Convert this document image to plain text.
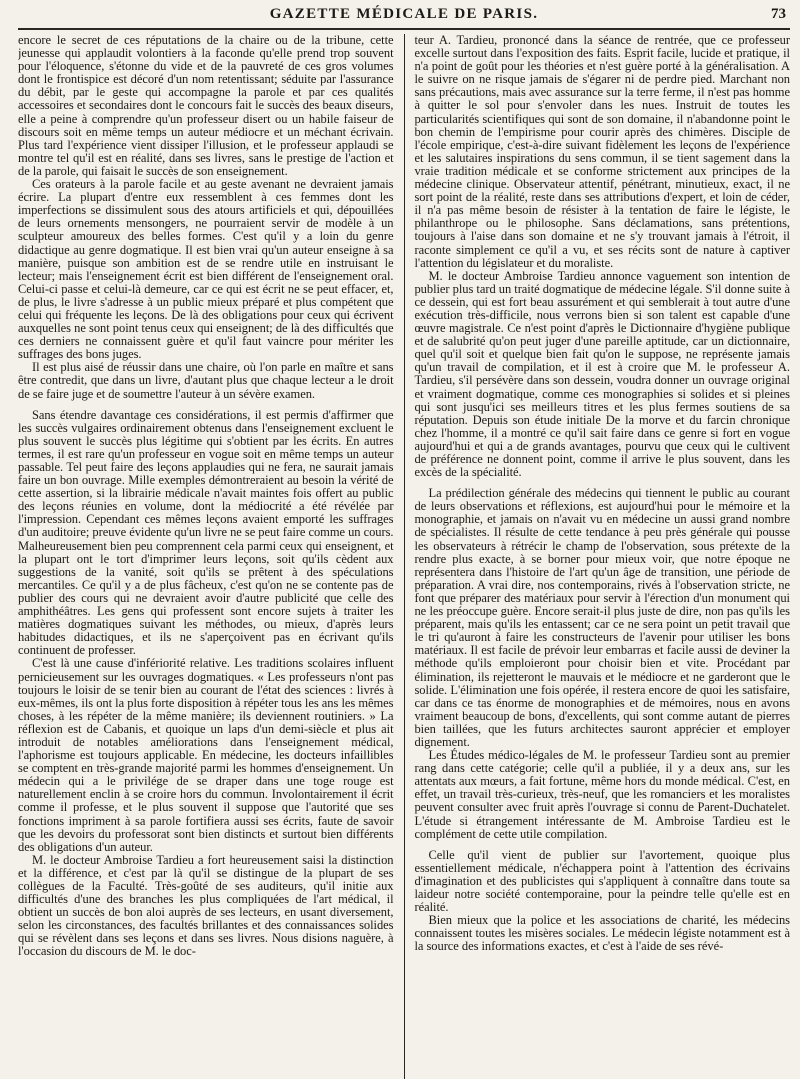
GAZETTE MÉDICALE DE PARIS.	73

encore le secret de ces réputations de la chaire ou de la tribune, cette jeunesse qui applaudit volontiers à la faconde qu'elle prend trop souvent pour l'éloquence, s'étonne du vide et de la pauvreté de ces gros volumes dont le frontispice est décoré d'un nom retentissant; séduite par l'assurance du débit, par le geste qui accompagne la parole et par ces qualités accessoires et secondaires dont le concours fait le succès des beaux diseurs, elle a peine à comprendre qu'un professeur disert ou un habile faiseur de discours soit en même temps un auteur médiocre et un méchant écrivain. Plus tard l'expérience vient dissiper l'illusion, et le professeur applaudi se montre tel qu'il est en réalité, dans ses livres, sans le prestige de l'action et de la parole, qui faisait le succès de son enseignement.

Ces orateurs à la parole facile et au geste avenant ne devraient jamais écrire. La plupart d'entre eux ressemblent à ces femmes dont les imperfections se dissimulent sous des atours artificiels et qui, dépouillées de leurs ornements mensongers, ne pourraient servir de modèle à un sculpteur amoureux des belles formes. C'est qu'il y a loin du genre didactique au genre dogmatique. Il est bien vrai qu'un auteur enseigne à sa manière, puisque son ambition est de se rendre utile en instruisant le lecteur; mais l'enseignement écrit est bien différent de l'enseignement oral. Celui-ci passe et celui-là demeure, car ce qui est écrit ne se peut effacer, et, de plus, le livre s'adresse à un public mieux préparé et plus compétent que celui qui fréquente les leçons. De là des obligations pour ceux qui écrivent auxquelles ne sont point tenus ceux qui enseignent; de là des difficultés que ces derniers ne connaissent guère et qu'il faut vaincre pour mériter les suffrages des bons juges.

Il est plus aisé de réussir dans une chaire, où l'on parle en maître et sans être contredit, que dans un livre, d'autant plus que chaque lecteur a le droit de se faire juge et de soumettre l'auteur à un sévère examen.

Sans étendre davantage ces considérations, il est permis d'affirmer que les succès vulgaires ordinairement obtenus dans l'enseignement excluent le plus souvent le succès plus légitime qui s'obtient par les écrits. En autres termes, il est rare qu'un professeur en vogue soit en même temps un auteur passable. Tel peut faire des leçons applaudies qui ne fera, ne saurait jamais faire un bon ouvrage. Mille exemples démontreraient au besoin la vérité de cette assertion, si la librairie médicale n'avait maintes fois offert au public des leçons réunies en volume, dont la médiocrité a été révélée par l'impression. Cependant ces mêmes leçons avaient emporté les suffrages d'un auditoire; preuve évidente qu'un livre ne se peut faire comme un cours. Malheureusement bien peu comprennent cela parmi ceux qui enseignent, et la plupart ont le tort d'imprimer leurs leçons, soit qu'ils cèdent aux suggestions de la vanité, soit qu'ils se prêtent à des spéculations mercantiles. Ce qu'il y a de plus fâcheux, c'est qu'on ne se contente pas de publier des cours qui ne devraient avoir d'autre publicité que celle des amphithéâtres. Les gens qui professent sont encore sujets à traiter les matières dogmatiques suivant les méthodes, ou mieux, d'après leurs habitudes didactiques, et ils ne s'aperçoivent pas en écrivant qu'ils continuent de professer.

C'est là une cause d'infériorité relative. Les traditions scolaires influent pernicieusement sur les ouvrages dogmatiques. « Les professeurs n'ont pas toujours le loisir de se tenir bien au courant de l'état des sciences : livrés à eux-mêmes, ils ont la plus forte disposition à répéter tous les ans les mêmes choses, à les répéter de la même manière; ils deviennent routiniers. » La réflexion est de Cabanis, et quoique un laps d'un demi-siècle et plus ait introduit de notables améliorations dans l'enseignement médical, l'aphorisme est toujours applicable. En médecine, les docteurs infaillibles se comptent en très-grande majorité parmi les hommes d'enseignement. Un médecin qui a le privilége de se draper dans une toge rouge est naturellement enclin à se croire hors du commun. Involontairement il écrit comme il professe, et le plus souvent il suppose que l'autorité que ses fonctions impriment à sa parole fortifiera aussi ses écrits, faute de savoir que les devoirs du professorat sont bien distincts et surtout bien différents des obligations d'un auteur.

M. le docteur Ambroise Tardieu a fort heureusement saisi la distinction et la différence, et c'est par là qu'il se distingue de la plupart de ses collègues de la Faculté. Très-goûté de ses auditeurs, qu'il initie aux difficultés d'une des branches les plus compliquées de l'art médical, il obtient un succès de bon aloi auprès de ses lecteurs, en usant diversement, selon les circonstances, des facultés brillantes et des connaissances solides qui se révèlent dans ses leçons et dans ses livres. Nous disions naguère, à l'occasion du discours de M. le doc-

teur A. Tardieu, prononcé dans la séance de rentrée, que ce professeur excelle surtout dans l'exposition des faits. Esprit facile, lucide et pratique, il n'a point de goût pour les théories et n'est guère porté à la généralisation. A le suivre on ne risque jamais de s'égarer ni de perdre pied. Marchant non sans précautions, mais avec assurance sur la terre ferme, il n'est pas homme à quitter le sol pour s'envoler dans les nues. Instruit de toutes les particularités scientifiques qui sont de son domaine, il n'abandonne point le bon chemin de l'empirisme pour courir après des chimères. Disciple de l'école empirique, c'est-à-dire suivant fidèlement les leçons de l'expérience et les salutaires inspirations du sens commun, il se tient sagement dans la vraie tradition médicale et se conforme strictement aux principes de la médecine clinique. Observateur attentif, pénétrant, minutieux, exact, il ne sort point de la réalité, reste dans ses attributions d'expert, et loin de céder, il n'a pas même besoin de résister à la tentation de faire le légiste, le philanthrope ou le philosophe. Sans déclamations, sans prétentions, toujours à l'aise dans son domaine et ne s'y trouvant jamais à l'étroit, il raconte simplement ce qu'il a vu, et ses récits sont de nature à captiver l'attention du législateur et du moraliste.

M. le docteur Ambroise Tardieu annonce vaguement son intention de publier plus tard un traité dogmatique de médecine légale. S'il donne suite à ce dessein, qui est fort beau assurément et qui semblerait à tout autre d'une exécution très-difficile, nous verrons bien si son talent est capable d'une œuvre magistrale. Ce n'est point d'après le Dictionnaire d'hygiène publique et de salubrité qu'on peut juger d'une pareille aptitude, car un dictionnaire, quel qu'il soit et quelque bien fait qu'on le suppose, ne représente jamais qu'un travail de compilation, et il est à croire que M. le professeur A. Tardieu, s'il persévère dans son dessein, voudra donner un ouvrage original et vraiment dogmatique, comme ces monographies si solides et si pleines qui sont jusqu'ici ses meilleurs titres et les plus fermes soutiens de sa réputation. Depuis son étude initiale De la morve et du farcin chronique chez l'homme, il a montré ce qu'il sait faire dans ce genre si fort en vogue aujourd'hui et qui a de grands avantages, pourvu que ceux qui le cultivent de préférence ne donnent point, comme il arrive le plus souvent, dans les excès de la spécialité.

La prédilection générale des médecins qui tiennent le public au courant de leurs observations et réflexions, est aujourd'hui pour le mémoire et la monographie, et jamais on n'avait vu en médecine un aussi grand nombre de spécialistes. Il résulte de cette tendance à peu près générale qui pousse les observateurs à rétrécir le champ de l'observation, sous prétexte de la rendre plus exacte, à se borner pour mieux voir, que notre époque ne représentera dans l'histoire de l'art qu'un âge de transition, une période de préparation. A vrai dire, nos contemporains, rivés à l'observation stricte, ne font que préparer des matériaux pour servir à l'érection d'un monument qui ne les préoccupe guère. Encore serait-il plus juste de dire, non pas qu'ils les préparent, mais qu'ils les entassent; car ce ne sera point un petit travail que le tri qu'auront à faire les constructeurs de l'avenir pour utiliser les bons matériaux. Il est facile de prévoir leur embarras et facile aussi de deviner la méthode qu'ils emploieront pour choisir bien et vite. Procédant par élimination, ils rejetteront le mauvais et le médiocre et ne garderont que le solide. L'élimination une fois opérée, il restera encore de quoi les satisfaire, car dans ce tas énorme de monographies et de mémoires, nous en avons vraiment beaucoup de bons, d'excellents, qui sont comme autant de pierres bien taillées, que les futurs architectes sauront apprécier et employer dignement.

Les Études médico-légales de M. le professeur Tardieu sont au premier rang dans cette catégorie; celle qu'il a publiée, il y a deux ans, sur les attentats aux mœurs, a fait fortune, même hors du monde médical. C'est, en effet, un travail très-curieux, très-neuf, que les romanciers et les moralistes peuvent consulter avec fruit après l'ouvrage si connu de Parent-Duchatelet. L'étude si étrangement intéressante de M. Ambroise Tardieu est le complément de cette utile compilation.

Celle qu'il vient de publier sur l'avortement, quoique plus essentiellement médicale, n'échappera point à l'attention des écrivains d'imagination et des publicistes qui s'appliquent à connaître dans toute sa laideur notre société contemporaine, pour la peindre telle qu'elle est en réalité.

Bien mieux que la police et les associations de charité, les médecins connaissent toutes les misères sociales. Le médecin légiste notamment est à la source des informations exactes, et c'est à l'aide de ses révé-
